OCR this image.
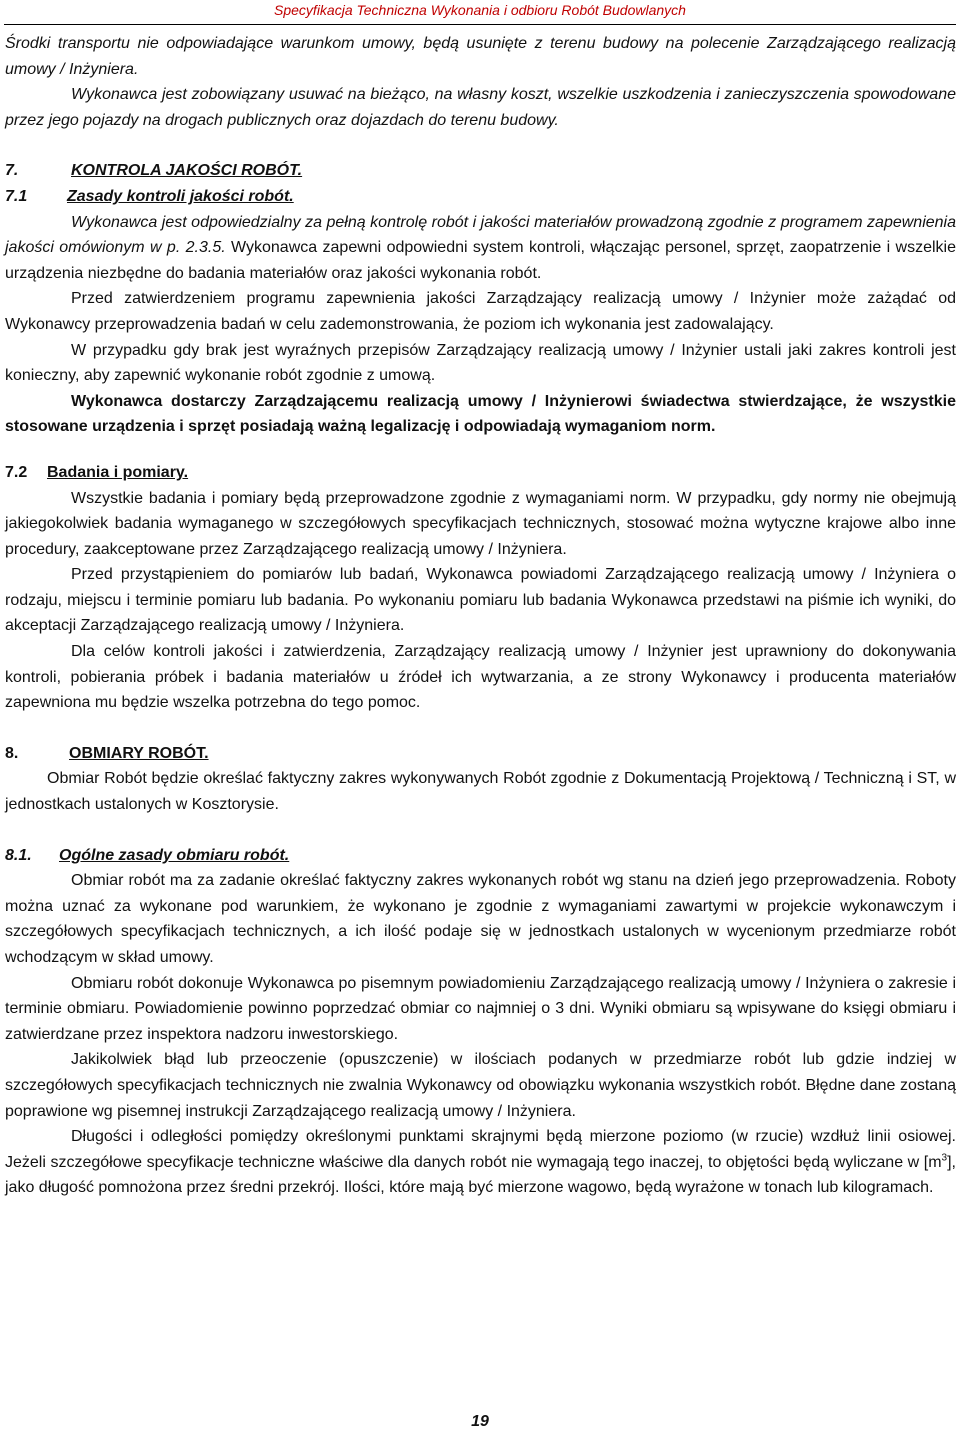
Specyfikacja Techniczna Wykonania i odbioru Robót Budowlanych

Środki transportu nie odpowiadające warunkom umowy, będą usunięte z terenu budowy na polecenie Zarządzającego realizacją umowy / Inżyniera.

Wykonawca jest zobowiązany usuwać na bieżąco, na własny koszt, wszelkie uszkodzenia i zanieczyszczenia spowodowane przez jego pojazdy na drogach publicznych oraz dojazdach do terenu budowy.

7.	KONTROLA JAKOŚCI ROBÓT.

7.1 Zasady kontroli jakości robót.

Wykonawca jest odpowiedzialny za pełną kontrolę robót i jakości materiałów prowadzoną zgodnie z programem zapewnienia jakości omówionym w p. 2.3.5. Wykonawca zapewni odpowiedni system kontroli, włączając personel, sprzęt, zaopatrzenie i wszelkie urządzenia niezbędne do badania materiałów oraz jakości wykonania robót.

Przed zatwierdzeniem programu zapewnienia jakości Zarządzający realizacją umowy / Inżynier może zażądać od Wykonawcy przeprowadzenia badań w celu zademonstrowania, że poziom ich wykonania jest zadowalający.

W przypadku gdy brak jest wyraźnych przepisów Zarządzający realizacją umowy / Inżynier ustali jaki zakres kontroli jest konieczny, aby zapewnić wykonanie robót zgodnie z umową.

Wykonawca dostarczy Zarządzającemu realizacją umowy / Inżynierowi świadectwa stwierdzające, że wszystkie stosowane urządzenia i sprzęt posiadają ważną legalizację i odpowiadają wymaganiom norm.

7.2 Badania i pomiary.

Wszystkie badania i pomiary będą przeprowadzone zgodnie z wymaganiami norm. W przypadku, gdy normy nie obejmują jakiegokolwiek badania wymaganego w szczegółowych specyfikacjach technicznych, stosować można wytyczne krajowe albo inne procedury, zaakceptowane przez Zarządzającego realizacją umowy / Inżyniera.

Przed przystąpieniem do pomiarów lub badań, Wykonawca powiadomi Zarządzającego realizacją umowy / Inżyniera o rodzaju, miejscu i terminie pomiaru lub badania. Po wykonaniu pomiaru lub badania Wykonawca przedstawi na piśmie ich wyniki, do akceptacji Zarządzającego realizacją umowy / Inżyniera.

Dla celów kontroli jakości i zatwierdzenia, Zarządzający realizacją umowy / Inżynier jest uprawniony do dokonywania kontroli, pobierania próbek i badania materiałów u źródeł ich wytwarzania, a ze strony Wykonawcy i producenta materiałów zapewniona mu będzie wszelka potrzebna do tego pomoc.

8.	OBMIARY ROBÓT.

Obmiar Robót będzie określać faktyczny zakres wykonywanych Robót zgodnie z Dokumentacją Projektową / Techniczną i ST, w jednostkach ustalonych w Kosztorysie.

8.1. Ogólne zasady obmiaru robót.

Obmiar robót ma za zadanie określać faktyczny zakres wykonanych robót wg stanu na dzień jego przeprowadzenia. Roboty można uznać za wykonane pod warunkiem, że wykonano je zgodnie z wymaganiami zawartymi w projekcie wykonawczym i szczegółowych specyfikacjach technicznych, a ich ilość podaje się w jednostkach ustalonych w wycenionym przedmiarze robót wchodzącym w skład umowy.

Obmiaru robót dokonuje Wykonawca po pisemnym powiadomieniu Zarządzającego realizacją umowy / Inżyniera o zakresie i terminie obmiaru. Powiadomienie powinno poprzedzać obmiar co najmniej o 3 dni. Wyniki obmiaru są wpisywane do księgi obmiaru i zatwierdzane przez inspektora nadzoru inwestorskiego.

Jakikolwiek błąd lub przeoczenie (opuszczenie) w ilościach podanych w przedmiarze robót lub gdzie indziej w szczegółowych specyfikacjach technicznych nie zwalnia Wykonawcy od obowiązku wykonania wszystkich robót. Błędne dane zostaną poprawione wg pisemnej instrukcji Zarządzającego realizacją umowy / Inżyniera.

Długości i odległości pomiędzy określonymi punktami skrajnymi będą mierzone poziomo (w rzucie) wzdłuż linii osiowej. Jeżeli szczegółowe specyfikacje techniczne właściwe dla danych robót nie wymagają tego inaczej, to objętości będą wyliczane w $[m^3]$, jako długość pomnożona przez średni przekrój. Ilości, które mają być mierzone wagowo, będą wyrażone w tonach lub kilogramach.

19
